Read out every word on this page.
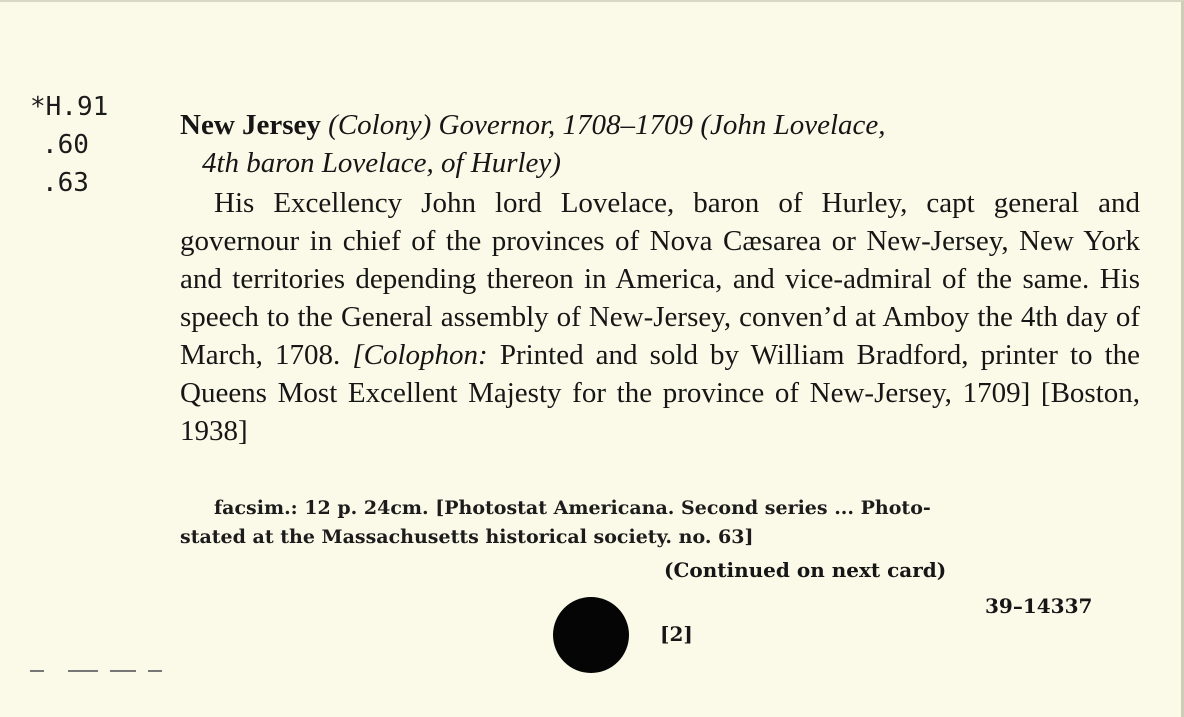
*H.91
.60
.63
New Jersey (Colony) Governor, 1708–1709 (John Lovelace,
4th baron Lovelace, of Hurley)
His Excellency John lord Lovelace, baron of Hurley, capt general and governour in chief of the provinces of Nova Cæsarea or New-Jersey, New York and territories depending thereon in America, and vice-admiral of the same. His speech to the General assembly of New-Jersey, conven’d at Amboy the 4th day of March, 1708. [Colophon: Printed and sold by William Bradford, printer to the Queens Most Excellent Majesty for the province of New-Jersey, 1709] [Boston, 1938]
facsim.: 12 p. 24cm. [Photostat Americana. Second series ... Photo-
stated at the Massachusetts historical society. no. 63]
(Continued on next card)
39–14337
[2]
